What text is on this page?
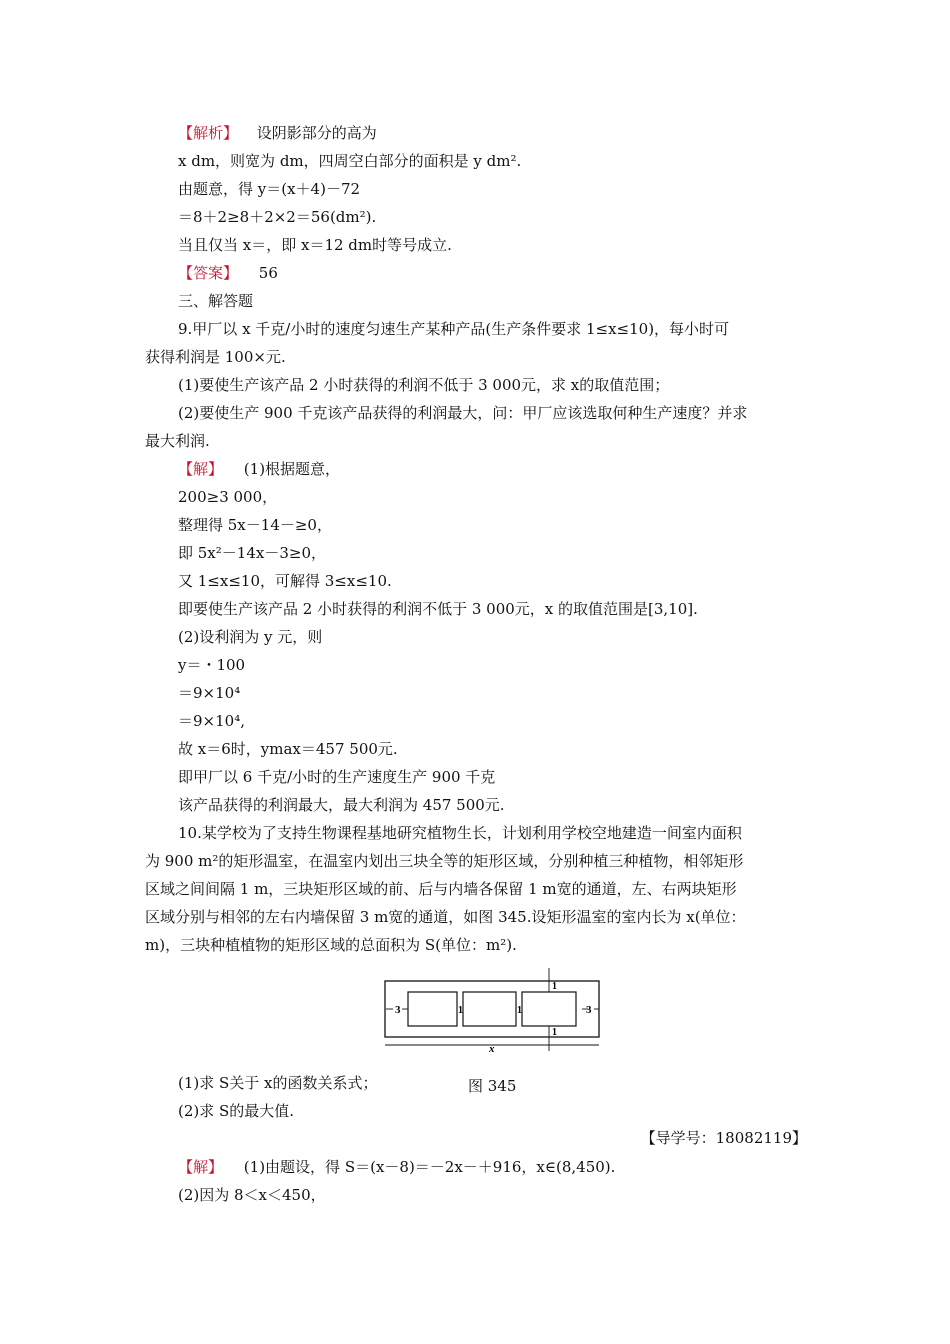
【解析】 设阴影部分的高为
x dm，则宽为 dm，四周空白部分的面积是 y dm².
由题意，得 y＝(x＋4)－72
＝8＋2≥8＋2×2＝56(dm²).
当且仅当 x＝，即 x＝12 dm时等号成立.
【答案】 56
三、解答题
9.甲厂以 x 千克/小时的速度匀速生产某种产品(生产条件要求 1≤x≤10)，每小时可
获得利润是 100×元.
(1)要使生产该产品 2 小时获得的利润不低于 3 000元，求 x的取值范围；
(2)要使生产 900 千克该产品获得的利润最大，问：甲厂应该选取何种生产速度？并求
最大利润.
【解】 (1)根据题意，
200≥3 000，
整理得 5x－14－≥0，
即 5x²－14x－3≥0，
又 1≤x≤10，可解得 3≤x≤10.
即要使生产该产品 2 小时获得的利润不低于 3 000元，x 的取值范围是[3,10].
(2)设利润为 y 元，则
y＝・100
＝9×10⁴
＝9×10⁴,
故 x＝6时，ymax＝457 500元.
即甲厂以 6 千克/小时的生产速度生产 900 千克
该产品获得的利润最大，最大利润为 457 500元.
10.某学校为了支持生物课程基地研究植物生长，计划利用学校空地建造一间室内面积
为 900 m²的矩形温室，在温室内划出三块全等的矩形区域，分别种植三种植物，相邻矩形
区域之间间隔 1 m，三块矩形区域的前、后与内墙各保留 1 m宽的通道，左、右两块矩形
区域分别与相邻的左右内墙保留 3 m宽的通道，如图 345.设矩形温室的室内长为 x(单位：
m)，三块种植植物的矩形区域的总面积为 S(单位：m²).
3	3
1	1
1
1
x
图 345
(1)求 S关于 x的函数关系式；
(2)求 S的最大值.
【导学号：18082119】
【解】 (1)由题设，得 S＝(x－8)＝－2x－＋916，x∈(8,450).
(2)因为 8＜x＜450，
